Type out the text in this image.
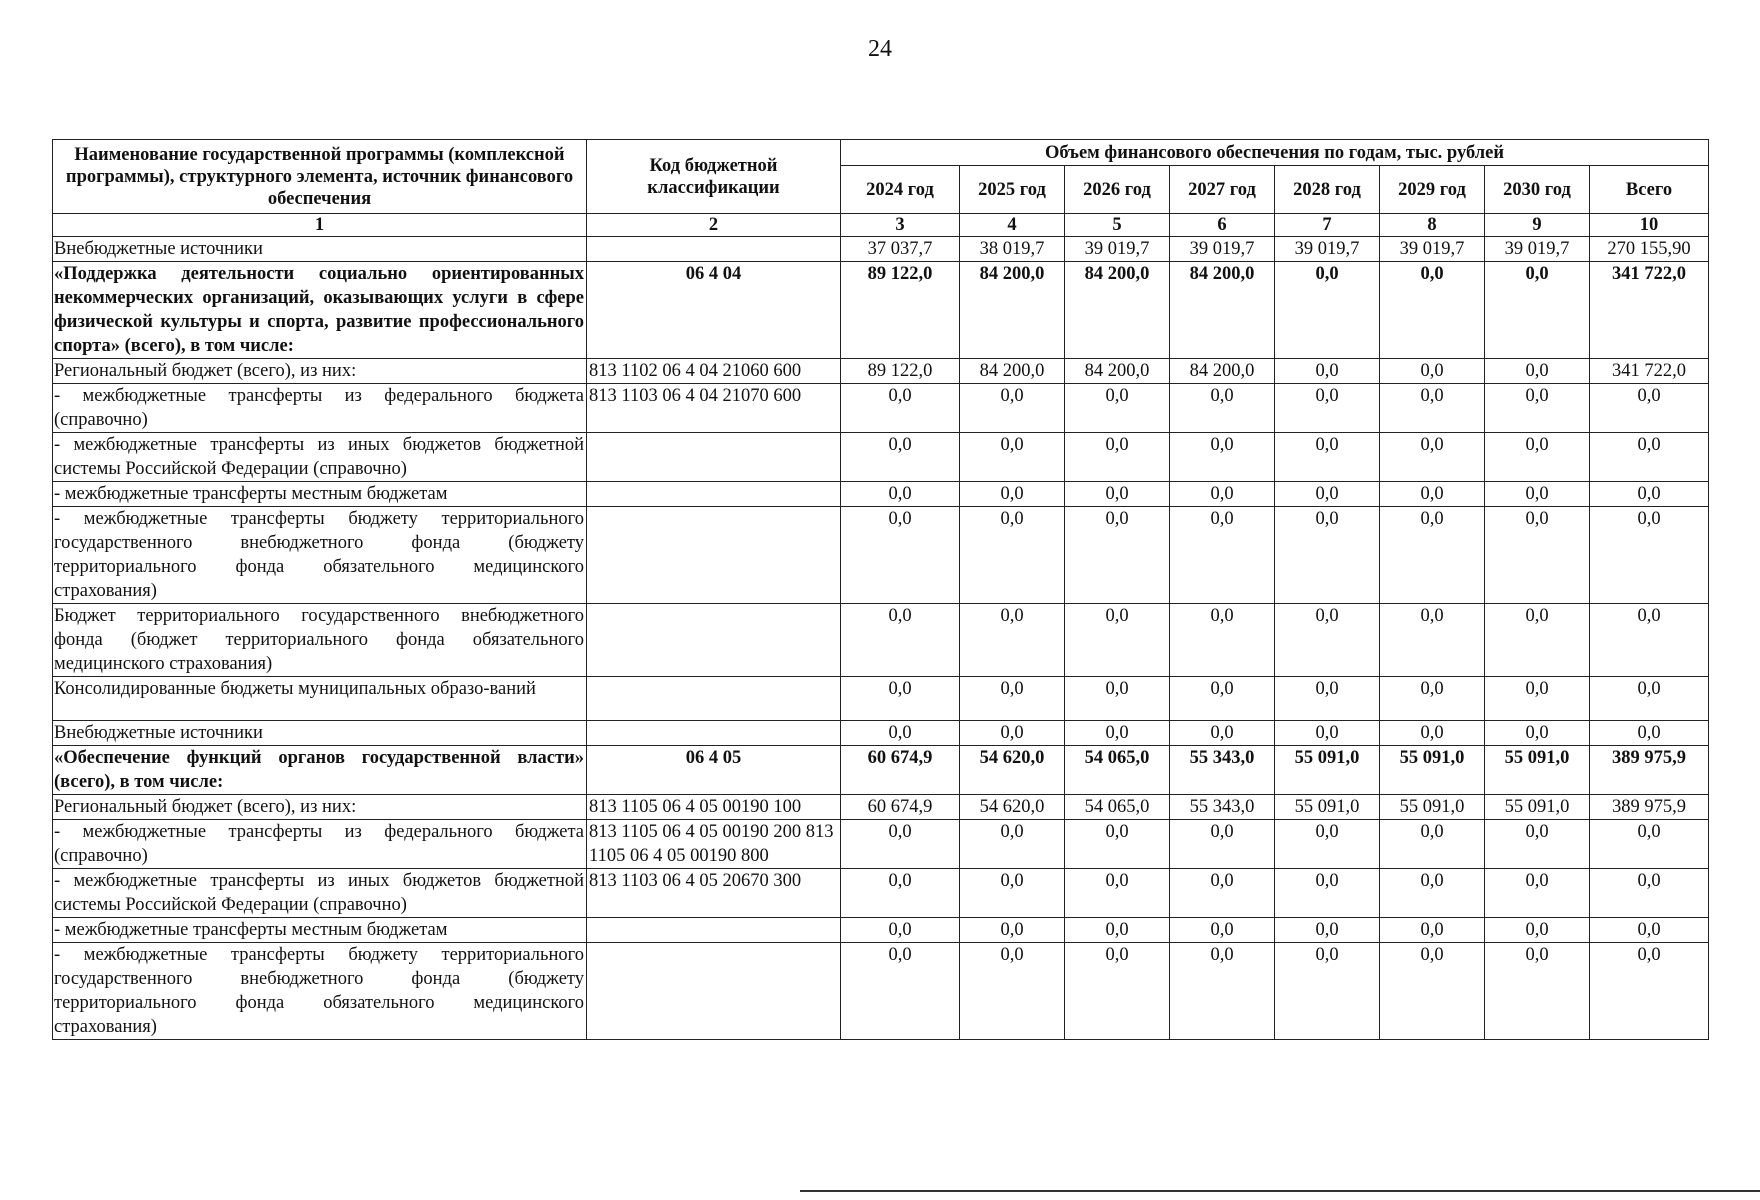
24
Наименование государственной программы (комплексной программы), структурного элемента, источник финансового обеспечения	Код бюджетной классификации	Объем финансового обеспечения по годам, тыс. рублей							
		2024 год	2025 год	2026 год	2027 год	2028 год	2029 год	2030 год	Всего
1	2	3	4	5	6	7	8	9	10
Внебюджетные источники		37 037,7	38 019,7	39 019,7	39 019,7	39 019,7	39 019,7	39 019,7	270 155,90
«Поддержка деятельности социально ориентированных некоммерческих организаций, оказывающих услуги в сфере физической культуры и спорта, развитие профессионального спорта» (всего), в том числе:	06 4 04	89 122,0	84 200,0	84 200,0	84 200,0	0,0	0,0	0,0	341 722,0
Региональный бюджет (всего), из них:	813 1102 06 4 04 21060 600	89 122,0	84 200,0	84 200,0	84 200,0	0,0	0,0	0,0	341 722,0
- межбюджетные трансферты из федерального бюджета (справочно)	813 1103 06 4 04 21070 600	0,0	0,0	0,0	0,0	0,0	0,0	0,0	0,0
- межбюджетные трансферты из иных бюджетов бюджетной системы Российской Федерации (справочно)		0,0	0,0	0,0	0,0	0,0	0,0	0,0	0,0
- межбюджетные трансферты местным бюджетам		0,0	0,0	0,0	0,0	0,0	0,0	0,0	0,0
- межбюджетные трансферты бюджету территориального государственного внебюджетного фонда (бюджету территориального фонда обязательного медицинского страхования)		0,0	0,0	0,0	0,0	0,0	0,0	0,0	0,0
Бюджет территориального государственного внебюджетного фонда (бюджет территориального фонда обязательного медицинского страхования)		0,0	0,0	0,0	0,0	0,0	0,0	0,0	0,0
Консолидированные бюджеты муниципальных образо-ваний		0,0	0,0	0,0	0,0	0,0	0,0	0,0	0,0
Внебюджетные источники		0,0	0,0	0,0	0,0	0,0	0,0	0,0	0,0
«Обеспечение функций органов государственной власти» (всего), в том числе:	06 4 05	60 674,9	54 620,0	54 065,0	55 343,0	55 091,0	55 091,0	55 091,0	389 975,9
Региональный бюджет (всего), из них:	813 1105 06 4 05 00190 100	60 674,9	54 620,0	54 065,0	55 343,0	55 091,0	55 091,0	55 091,0	389 975,9
- межбюджетные трансферты из федерального бюджета (справочно)	813 1105 06 4 05 00190 200 813 1105 06 4 05 00190 800	0,0	0,0	0,0	0,0	0,0	0,0	0,0	0,0
- межбюджетные трансферты из иных бюджетов бюджетной системы Российской Федерации (справочно)	813 1103 06 4 05 20670 300	0,0	0,0	0,0	0,0	0,0	0,0	0,0	0,0
- межбюджетные трансферты местным бюджетам		0,0	0,0	0,0	0,0	0,0	0,0	0,0	0,0
- межбюджетные трансферты бюджету территориального государственного внебюджетного фонда (бюджету территориального фонда обязательного медицинского страхования)		0,0	0,0	0,0	0,0	0,0	0,0	0,0	0,0
